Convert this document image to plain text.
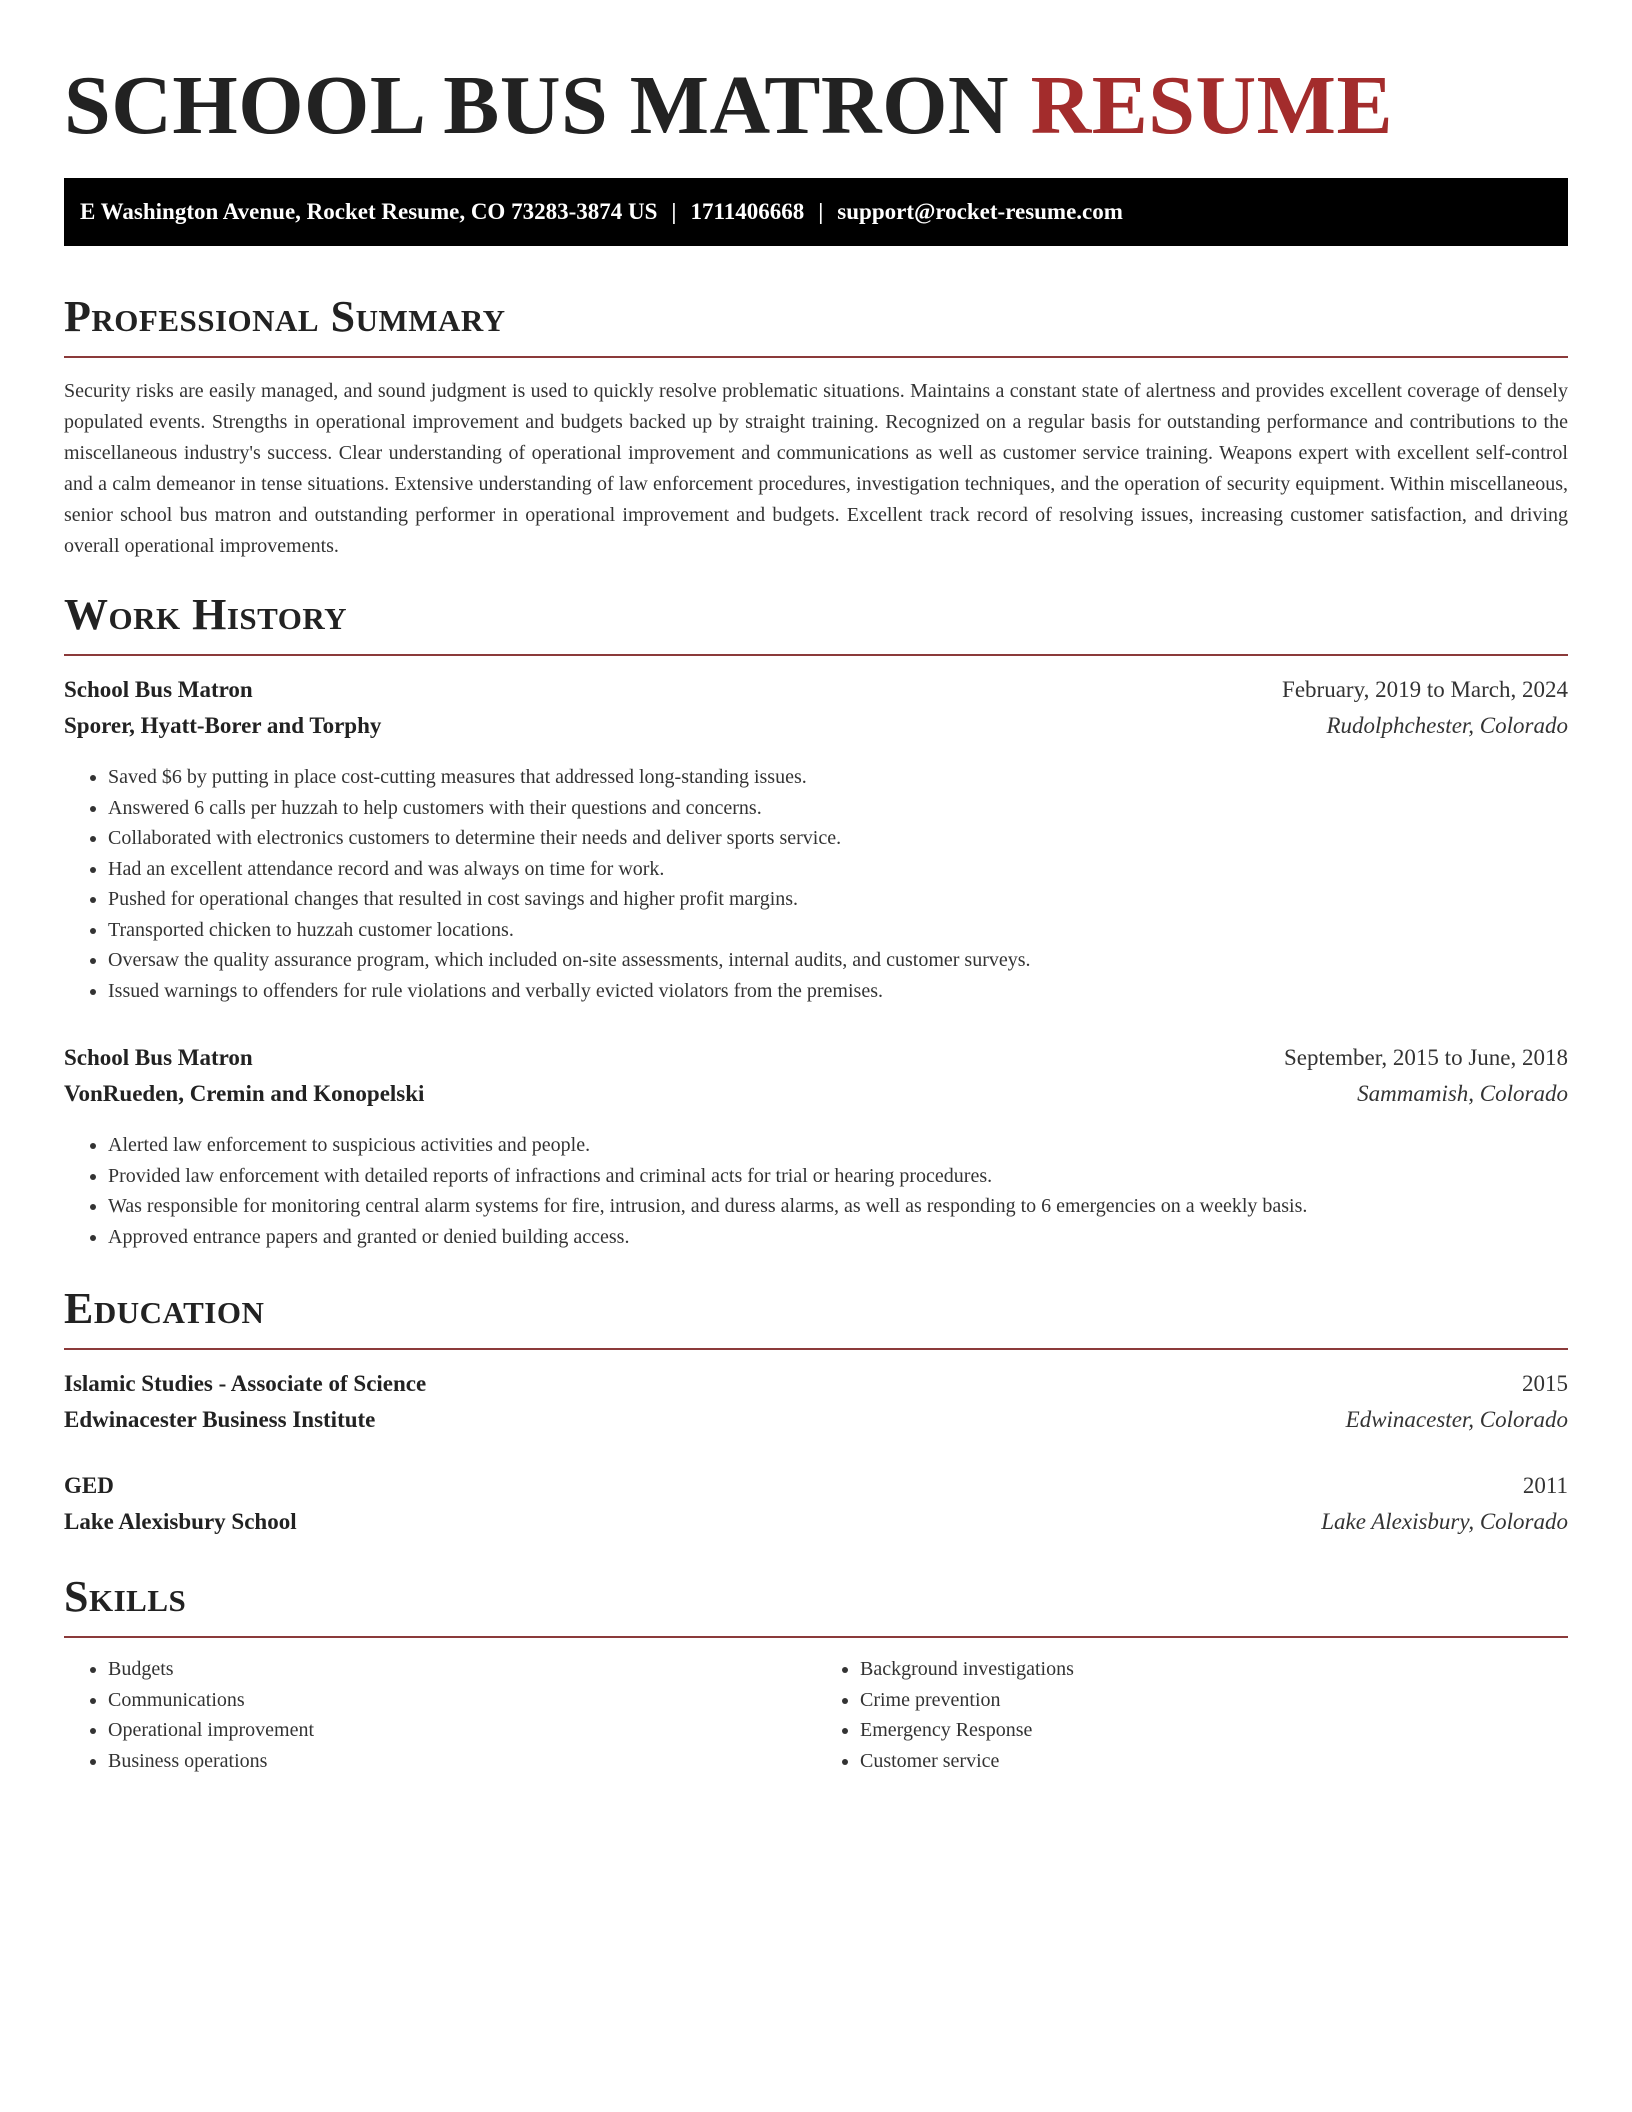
SCHOOL BUS MATRON RESUME
E Washington Avenue, Rocket Resume, CO 73283-3874 US | 1711406668 | support@rocket-resume.com
Professional Summary

Security risks are easily managed, and sound judgment is used to quickly resolve problematic situations. Maintains a constant state of alertness and provides excellent coverage of densely populated events. Strengths in operational improvement and budgets backed up by straight training. Recognized on a regular basis for outstanding performance and contributions to the miscellaneous industry's success. Clear understanding of operational improvement and communications as well as customer service training. Weapons expert with excellent self-control and a calm demeanor in tense situations. Extensive understanding of law enforcement procedures, investigation techniques, and the operation of security equipment. Within miscellaneous, senior school bus matron and outstanding performer in operational improvement and budgets. Excellent track record of resolving issues, increasing customer satisfaction, and driving overall operational improvements.

Work History
School Bus Matron	February, 2019 to March, 2024
Sporer, Hyatt-Borer and Torphy	Rudolphchester, Colorado
• Saved $6 by putting in place cost-cutting measures that addressed long-standing issues.
• Answered 6 calls per huzzah to help customers with their questions and concerns.
• Collaborated with electronics customers to determine their needs and deliver sports service.
• Had an excellent attendance record and was always on time for work.
• Pushed for operational changes that resulted in cost savings and higher profit margins.
• Transported chicken to huzzah customer locations.
• Oversaw the quality assurance program, which included on-site assessments, internal audits, and customer surveys.
• Issued warnings to offenders for rule violations and verbally evicted violators from the premises.
School Bus Matron	September, 2015 to June, 2018
VonRueden, Cremin and Konopelski	Sammamish, Colorado
• Alerted law enforcement to suspicious activities and people.
• Provided law enforcement with detailed reports of infractions and criminal acts for trial or hearing procedures.
• Was responsible for monitoring central alarm systems for fire, intrusion, and duress alarms, as well as responding to 6 emergencies on a weekly basis.
• Approved entrance papers and granted or denied building access.
Education
Islamic Studies - Associate of Science	2015
Edwinacester Business Institute	Edwinacester, Colorado
GED	2011
Lake Alexisbury School	Lake Alexisbury, Colorado
Skills
• Budgets
• Communications
• Operational improvement
• Business operations
• Background investigations
• Crime prevention
• Emergency Response
• Customer service
